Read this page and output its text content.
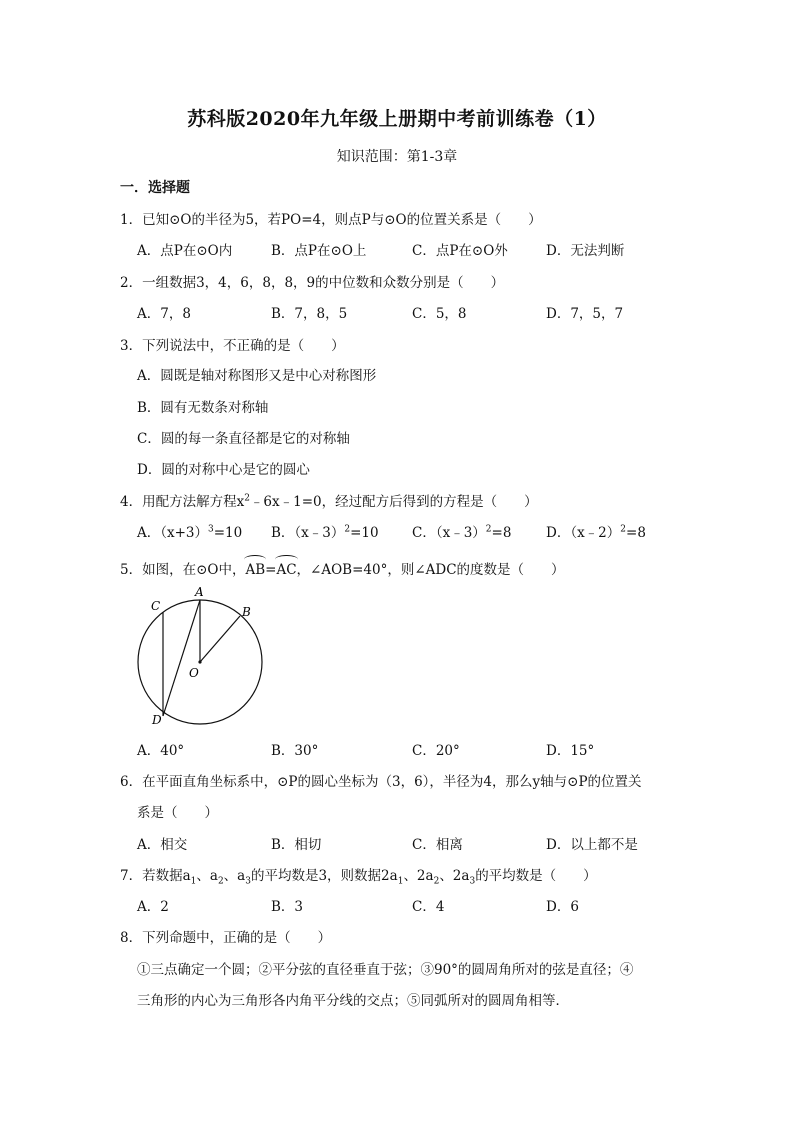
苏科版2020年九年级上册期中考前训练卷（1）
知识范围：第1-3章
一．选择题
1．已知⊙O的半径为5，若PO=4，则点P与⊙O的位置关系是（　　）
A．点P在⊙O内	B．点P在⊙O上	C．点P在⊙O外	D．无法判断
2．一组数据3，4，6，8，8，9的中位数和众数分别是（　　）
A．7，8	B．7，8，5	C．5，8	D．7，5，7
3．下列说法中，不正确的是（　　）
A．圆既是轴对称图形又是中心对称图形
B．圆有无数条对称轴
C．圆的每一条直径都是它的对称轴
D．圆的对称中心是它的圆心
4．用配方法解方程$x^2﹣6x﹣1=0$，经过配方后得到的方程是（　　）
A．$(x+3)^3=10$ B．（x﹣3）$^2$=10 C．（x﹣3）$^2$=8	D．（x﹣2）$^2$=8
5．如图，在⊙O中，AB=AC，∠AOB=40°，则∠ADC的度数是（　　）
C
A
B
O
D
A．40°	B．30°	C．20°	D．15°
6．在平面直角坐标系中，⊙P的圆心坐标为（3，6），半径为4，那么y轴与⊙P的位置关
系是（　　）
A．相交	B．相切	C．相离	D．以上都不是
7．若数据$a_1$、$a_2$、$a_3$的平均数是3，则数据$2a_1$、$2a_2$、$2a_3$的平均数是（　　）
A．2	B．3	C．4	D．6
8．下列命题中，正确的是（　　）
①三点确定一个圆；②平分弦的直径垂直于弦；③90°的圆周角所对的弦是直径；④
三角形的内心为三角形各内角平分线的交点；⑤同弧所对的圆周角相等．
